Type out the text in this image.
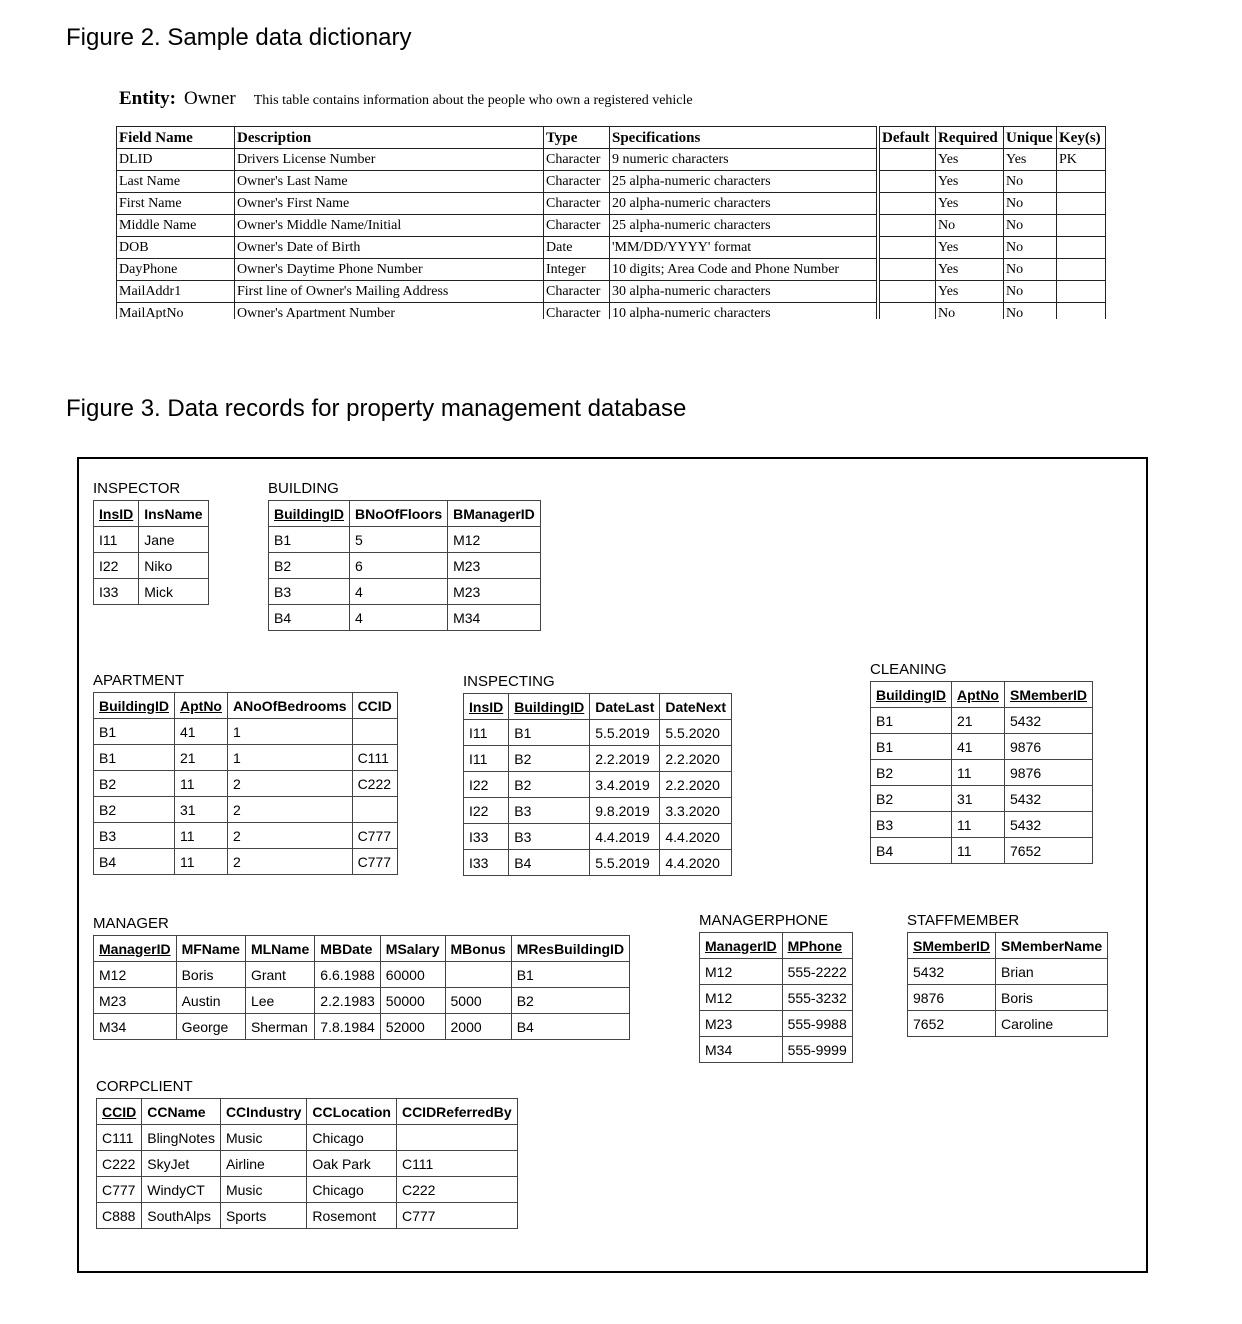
Figure 2. Sample data dictionary
Entity: Owner This table contains information about the people who own a registered vehicle
Field Name	Description	Type	Specifications		Default	Required	Unique	Key(s)
DLID	Drivers License Number	Character	9 numeric characters			Yes	Yes	PK
Last Name	Owner's Last Name	Character	25 alpha-numeric characters			Yes	No	
First Name	Owner's First Name	Character	20 alpha-numeric characters			Yes	No	
Middle Name	Owner's Middle Name/Initial	Character	25 alpha-numeric characters			No	No	
DOB	Owner's Date of Birth	Date	'MM/DD/YYYY' format			Yes	No	
DayPhone	Owner's Daytime Phone Number	Integer	10 digits; Area Code and Phone Number			Yes	No	
MailAddr1	First line of Owner's Mailing Address	Character	30 alpha-numeric characters			Yes	No	
MailAptNo	Owner's Apartment Number	Character	10 alpha-numeric characters			No	No	
Figure 3. Data records for property management database
INSPECTOR
InsID	InsName
I11	Jane
I22	Niko
I33	Mick
BUILDING
BuildingID	BNoOfFloors	BManagerID
B1	5	M12
B2	6	M23
B3	4	M23
B4	4	M34
APARTMENT
BuildingID	AptNo	ANoOfBedrooms	CCID
B1	41	1	
B1	21	1	C111
B2	11	2	C222
B2	31	2	
B3	11	2	C777
B4	11	2	C777
INSPECTING
InsID	BuildingID	DateLast	DateNext
I11	B1	5.5.2019	5.5.2020
I11	B2	2.2.2019	2.2.2020
I22	B2	3.4.2019	2.2.2020
I22	B3	9.8.2019	3.3.2020
I33	B3	4.4.2019	4.4.2020
I33	B4	5.5.2019	4.4.2020
CLEANING
BuildingID	AptNo	SMemberID
B1	21	5432
B1	41	9876
B2	11	9876
B2	31	5432
B3	11	5432
B4	11	7652
MANAGER
ManagerID	MFName	MLName	MBDate	MSalary	MBonus	MResBuildingID
M12	Boris	Grant	6.6.1988	60000		B1
M23	Austin	Lee	2.2.1983	50000	5000	B2
M34	George	Sherman	7.8.1984	52000	2000	B4
MANAGERPHONE
ManagerID	MPhone
M12	555-2222
M12	555-3232
M23	555-9988
M34	555-9999
STAFFMEMBER
SMemberID	SMemberName
5432	Brian
9876	Boris
7652	Caroline
CORPCLIENT
CCID	CCName	CCIndustry	CCLocation	CCIDReferredBy
C111	BlingNotes	Music	Chicago	
C222	SkyJet	Airline	Oak Park	C111
C777	WindyCT	Music	Chicago	C222
C888	SouthAlps	Sports	Rosemont	C777
